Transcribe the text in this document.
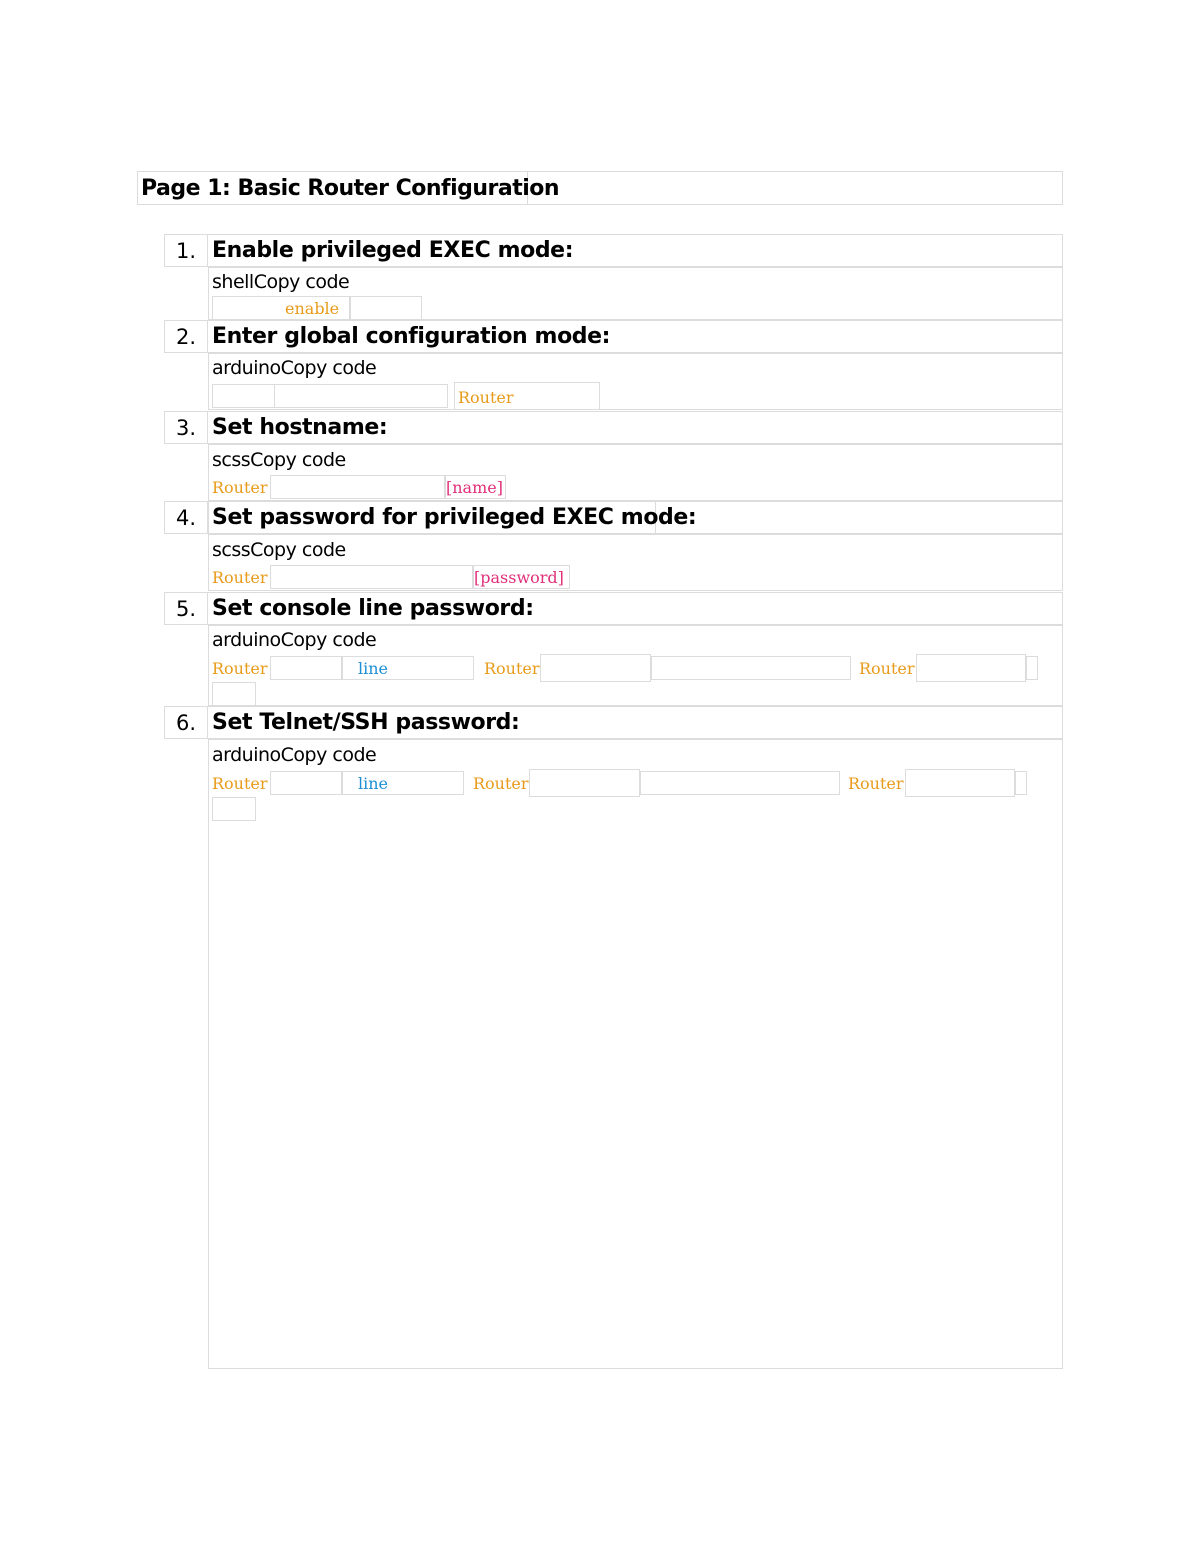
Page 1: Basic Router Configuration
1. Enable privileged EXEC mode:
shellCopy code
enable
2. Enter global configuration mode:
arduinoCopy code
Router
3. Set hostname:
scssCopy code
Router	[name]
4. Set password for privileged EXEC mode:
scssCopy code
Router	[password]
5. Set console line password:
arduinoCopy code
Router	line	Router	Router
6. Set Telnet/SSH password:
arduinoCopy code
Router	line	Router	Router
